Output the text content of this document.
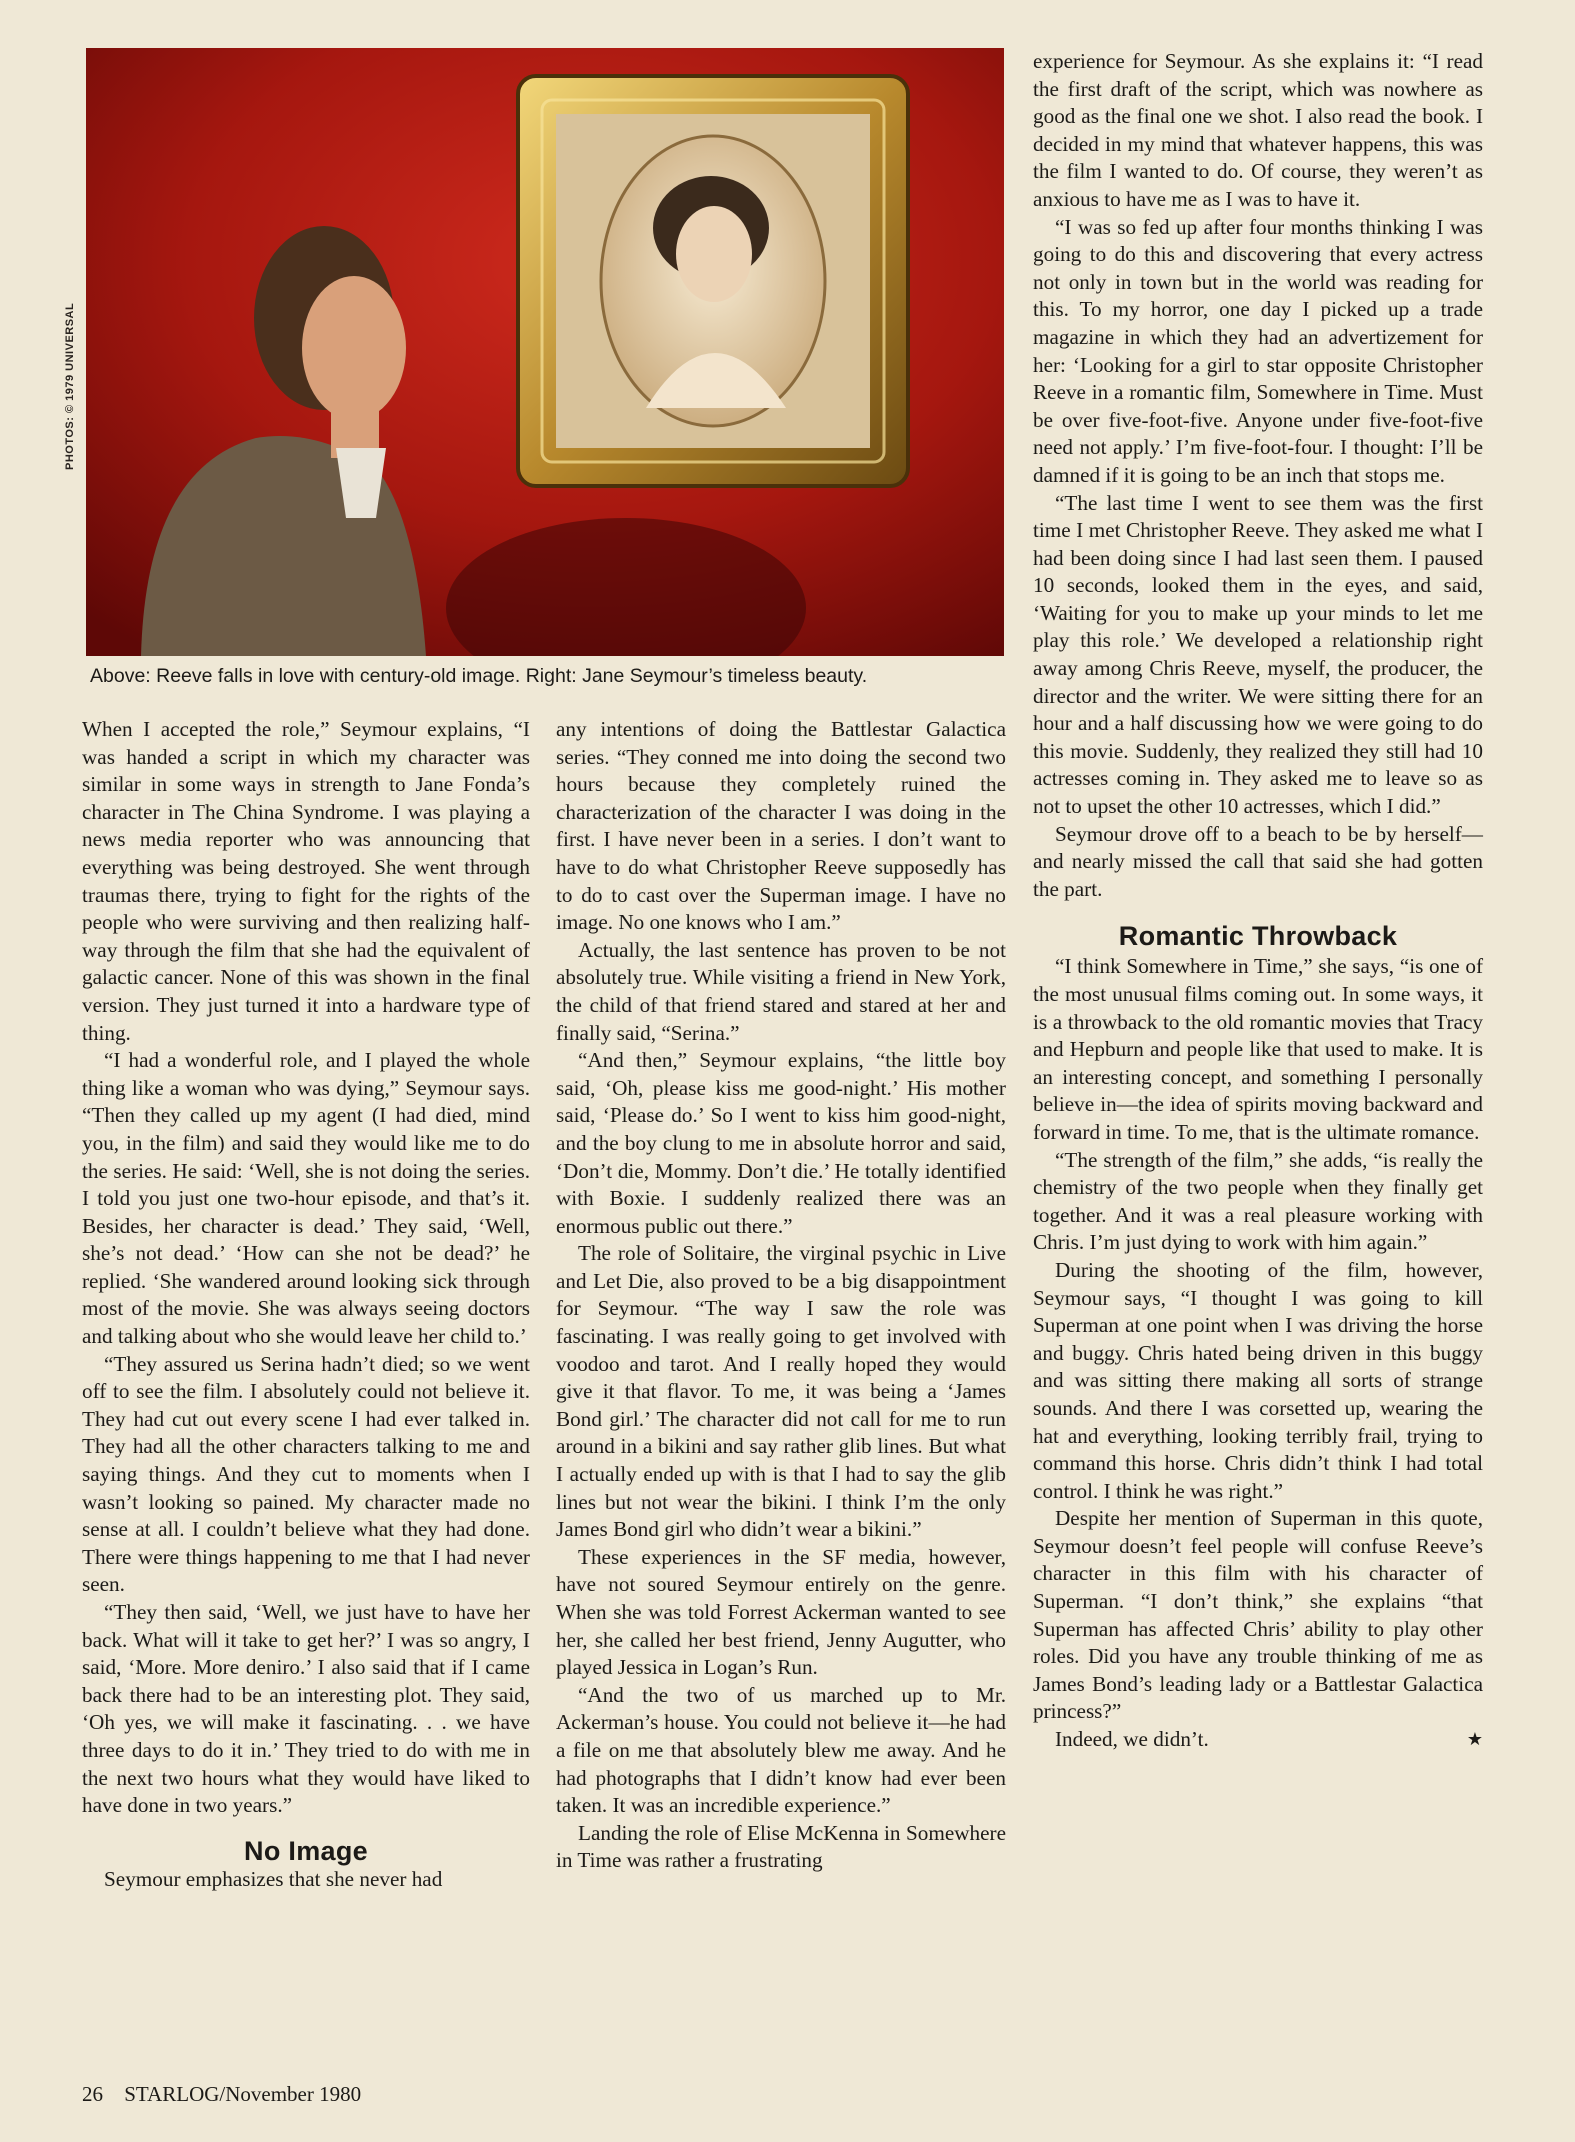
PHOTOS: © 1979 UNIVERSAL
Above: Reeve falls in love with century-old image. Right: Jane Seymour’s timeless beauty.

When I accepted the role,” Seymour explains, “I was handed a script in which my character was similar in some ways in strength to Jane Fonda’s character in The China Syndrome. I was playing a news media reporter who was announcing that everything was being destroyed. She went through traumas there, trying to fight for the rights of the people who were surviving and then realizing half-way through the film that she had the equivalent of galactic cancer. None of this was shown in the final version. They just turned it into a hardware type of thing.

“I had a wonderful role, and I played the whole thing like a woman who was dying,” Seymour says. “Then they called up my agent (I had died, mind you, in the film) and said they would like me to do the series. He said: ‘Well, she is not doing the series. I told you just one two-hour episode, and that’s it. Besides, her character is dead.’ They said, ‘Well, she’s not dead.’ ‘How can she not be dead?’ he replied. ‘She wandered around looking sick through most of the movie. She was always seeing doctors and talking about who she would leave her child to.’

“They assured us Serina hadn’t died; so we went off to see the film. I absolutely could not believe it. They had cut out every scene I had ever talked in. They had all the other characters talking to me and saying things. And they cut to moments when I wasn’t looking so pained. My character made no sense at all. I couldn’t believe what they had done. There were things happening to me that I had never seen.

“They then said, ‘Well, we just have to have her back. What will it take to get her?’ I was so angry, I said, ‘More. More deniro.’ I also said that if I came back there had to be an interesting plot. They said, ‘Oh yes, we will make it fascinating. . . we have three days to do it in.’ They tried to do with me in the next two hours what they would have liked to have done in two years.”

No Image

Seymour emphasizes that she never had

any intentions of doing the Battlestar Galactica series. “They conned me into doing the second two hours because they completely ruined the characterization of the character I was doing in the first. I have never been in a series. I don’t want to have to do what Christopher Reeve supposedly has to do to cast over the Superman image. I have no image. No one knows who I am.”

Actually, the last sentence has proven to be not absolutely true. While visiting a friend in New York, the child of that friend stared and stared at her and finally said, “Serina.”

“And then,” Seymour explains, “the little boy said, ‘Oh, please kiss me good-night.’ His mother said, ‘Please do.’ So I went to kiss him good-night, and the boy clung to me in absolute horror and said, ‘Don’t die, Mommy. Don’t die.’ He totally identified with Boxie. I suddenly realized there was an enormous public out there.”

The role of Solitaire, the virginal psychic in Live and Let Die, also proved to be a big disappointment for Seymour. “The way I saw the role was fascinating. I was really going to get involved with voodoo and tarot. And I really hoped they would give it that flavor. To me, it was being a ‘James Bond girl.’ The character did not call for me to run around in a bikini and say rather glib lines. But what I actually ended up with is that I had to say the glib lines but not wear the bikini. I think I’m the only James Bond girl who didn’t wear a bikini.”

These experiences in the SF media, however, have not soured Seymour entirely on the genre. When she was told Forrest Ackerman wanted to see her, she called her best friend, Jenny Augutter, who played Jessica in Logan’s Run.

“And the two of us marched up to Mr. Ackerman’s house. You could not believe it—he had a file on me that absolutely blew me away. And he had photographs that I didn’t know had ever been taken. It was an incredible experience.”

Landing the role of Elise McKenna in Somewhere in Time was rather a frustrating

experience for Seymour. As she explains it: “I read the first draft of the script, which was nowhere as good as the final one we shot. I also read the book. I decided in my mind that whatever happens, this was the film I wanted to do. Of course, they weren’t as anxious to have me as I was to have it.

“I was so fed up after four months thinking I was going to do this and discovering that every actress not only in town but in the world was reading for this. To my horror, one day I picked up a trade magazine in which they had an advertizement for her: ‘Looking for a girl to star opposite Christopher Reeve in a romantic film, Somewhere in Time. Must be over five-foot-five. Anyone under five-foot-five need not apply.’ I’m five-foot-four. I thought: I’ll be damned if it is going to be an inch that stops me.

“The last time I went to see them was the first time I met Christopher Reeve. They asked me what I had been doing since I had last seen them. I paused 10 seconds, looked them in the eyes, and said, ‘Waiting for you to make up your minds to let me play this role.’ We developed a relationship right away among Chris Reeve, myself, the producer, the director and the writer. We were sitting there for an hour and a half discussing how we were going to do this movie. Suddenly, they realized they still had 10 actresses coming in. They asked me to leave so as not to upset the other 10 actresses, which I did.”

Seymour drove off to a beach to be by herself—and nearly missed the call that said she had gotten the part.

Romantic Throwback

“I think Somewhere in Time,” she says, “is one of the most unusual films coming out. In some ways, it is a throwback to the old romantic movies that Tracy and Hepburn and people like that used to make. It is an interesting concept, and something I personally believe in—the idea of spirits moving backward and forward in time. To me, that is the ultimate romance.

“The strength of the film,” she adds, “is really the chemistry of the two people when they finally get together. And it was a real pleasure working with Chris. I’m just dying to work with him again.”

During the shooting of the film, however, Seymour says, “I thought I was going to kill Superman at one point when I was driving the horse and buggy. Chris hated being driven in this buggy and was sitting there making all sorts of strange sounds. And there I was corsetted up, wearing the hat and everything, looking terribly frail, trying to command this horse. Chris didn’t think I had total control. I think he was right.”

Despite her mention of Superman in this quote, Seymour doesn’t feel people will confuse Reeve’s character in this film with his character of Superman. “I don’t think,” she explains “that Superman has affected Chris’ ability to play other roles. Did you have any trouble thinking of me as James Bond’s leading lady or a Battlestar Galactica princess?”

Indeed, we didn’t.	★

26 STARLOG/November 1980
